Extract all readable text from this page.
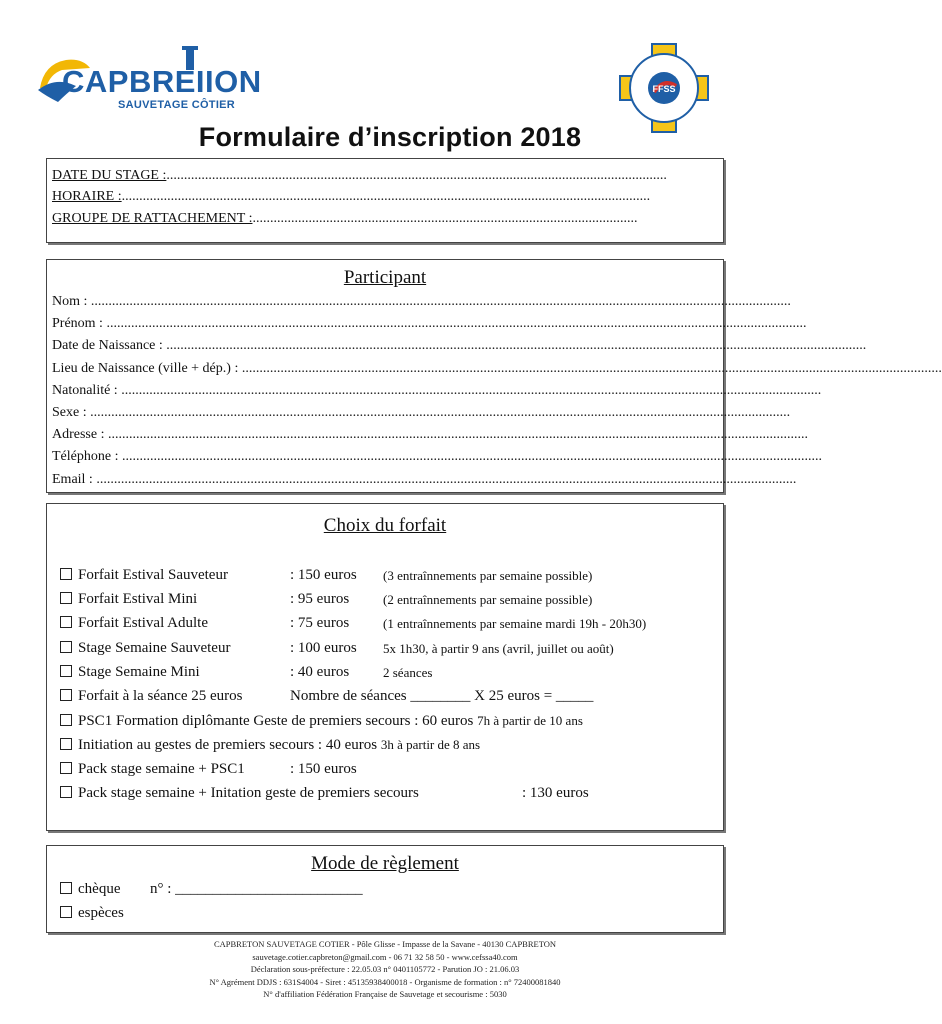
CAPBREIION
SAUVETAGE CÔTIER
FFSS
Formulaire d’inscription 2018
DATE DU STAGE :...............................................................................................................................................
HORAIRE :.......................................................................................................................................................
GROUPE DE RATTACHEMENT :..............................................................................................................
Participant
Nom : ........................................................................................................................................................................................................
Prénom : ........................................................................................................................................................................................................
Date de Naissance : ........................................................................................................................................................................................................
Lieu de Naissance (ville + dép.) : ........................................................................................................................................................................................................
Natonalité : ........................................................................................................................................................................................................
Sexe : ........................................................................................................................................................................................................
Adresse : ........................................................................................................................................................................................................
Téléphone : ........................................................................................................................................................................................................
Email : ........................................................................................................................................................................................................
Choix du forfait
Forfait Estival Sauveteur	: 150 euros (3 entraînnements par semaine possible)
Forfait Estival Mini	: 95 euros	(2 entraînnements par semaine possible)
Forfait Estival Adulte	: 75 euros	(1 entraînnements par semaine mardi 19h - 20h30)
Stage Semaine Sauveteur	: 100 euros 5x 1h30, à partir 9 ans (avril, juillet ou août)
Stage Semaine Mini	: 40 euros	2 séances
Forfait à la séance 25 euros	Nombre de séances ________ X 25 euros = _____
PSC1 Formation diplômante Geste de premiers secours : 60 euros 7h à partir de 10 ans
Initiation au gestes de premiers secours : 40 euros 3h à partir de 8 ans
Pack stage semaine + PSC1	: 150 euros
Pack stage semaine + Initation geste de premiers secours	: 130 euros
Mode de règlement
chèque n° : _________________________
espèces
CAPBRETON SAUVETAGE COTIER - Pôle Glisse - Impasse de la Savane - 40130 CAPBRETON
sauvetage.cotier.capbreton@gmail.com - 06 71 32 58 50 - www.cefssa40.com
Déclaration sous-préfecture : 22.05.03 n° 0401105772 - Parution JO : 21.06.03
N° Agrément DDJS : 631S4004 - Siret : 45135938400018 - Organisme de formation : n° 72400081840
N° d'affiliation Fédération Française de Sauvetage et secourisme : 5030
